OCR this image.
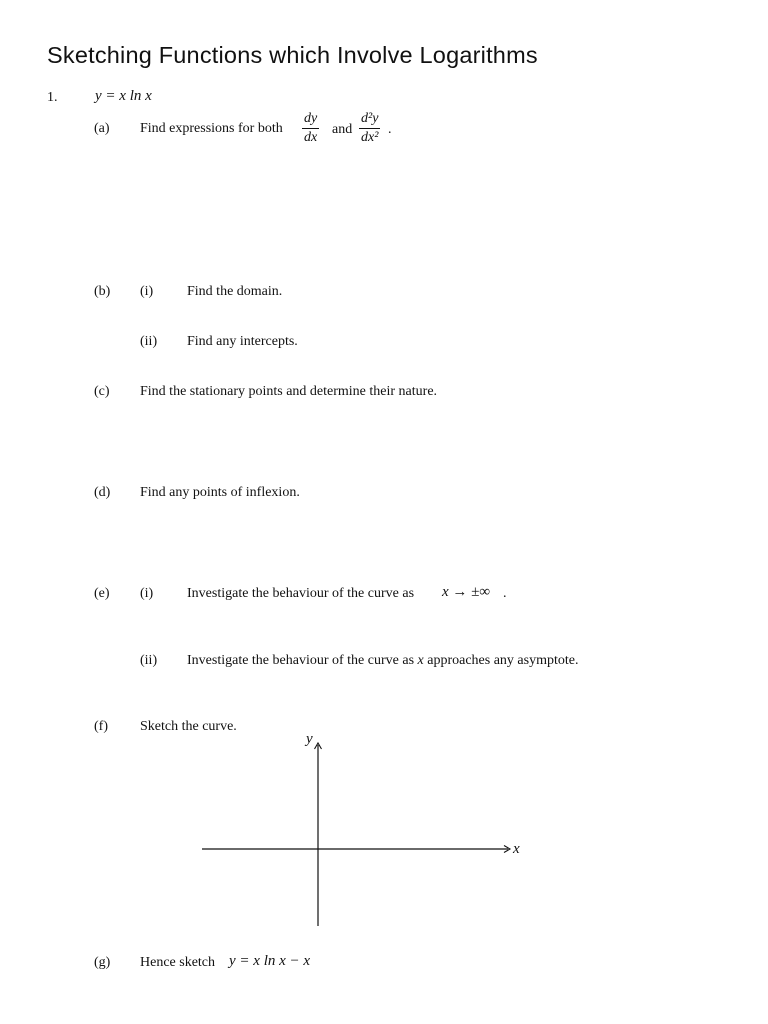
Sketching Functions which Involve Logarithms
1.	y = x ln x
(a) Find expressions for both
dy
dx
and
d²y
dx²
.
(b) (i) Find the domain.
(ii) Find any intercepts.
(c) Find the stationary points and determine their nature.
(d) Find any points of inflexion.
(e) (i) Investigate the behaviour of the curve as x → ±∞ .
(ii) Investigate the behaviour of the curve as x approaches any asymptote.
(f) Sketch the curve.
y
x
(g) Hence sketch y = x ln x − x
